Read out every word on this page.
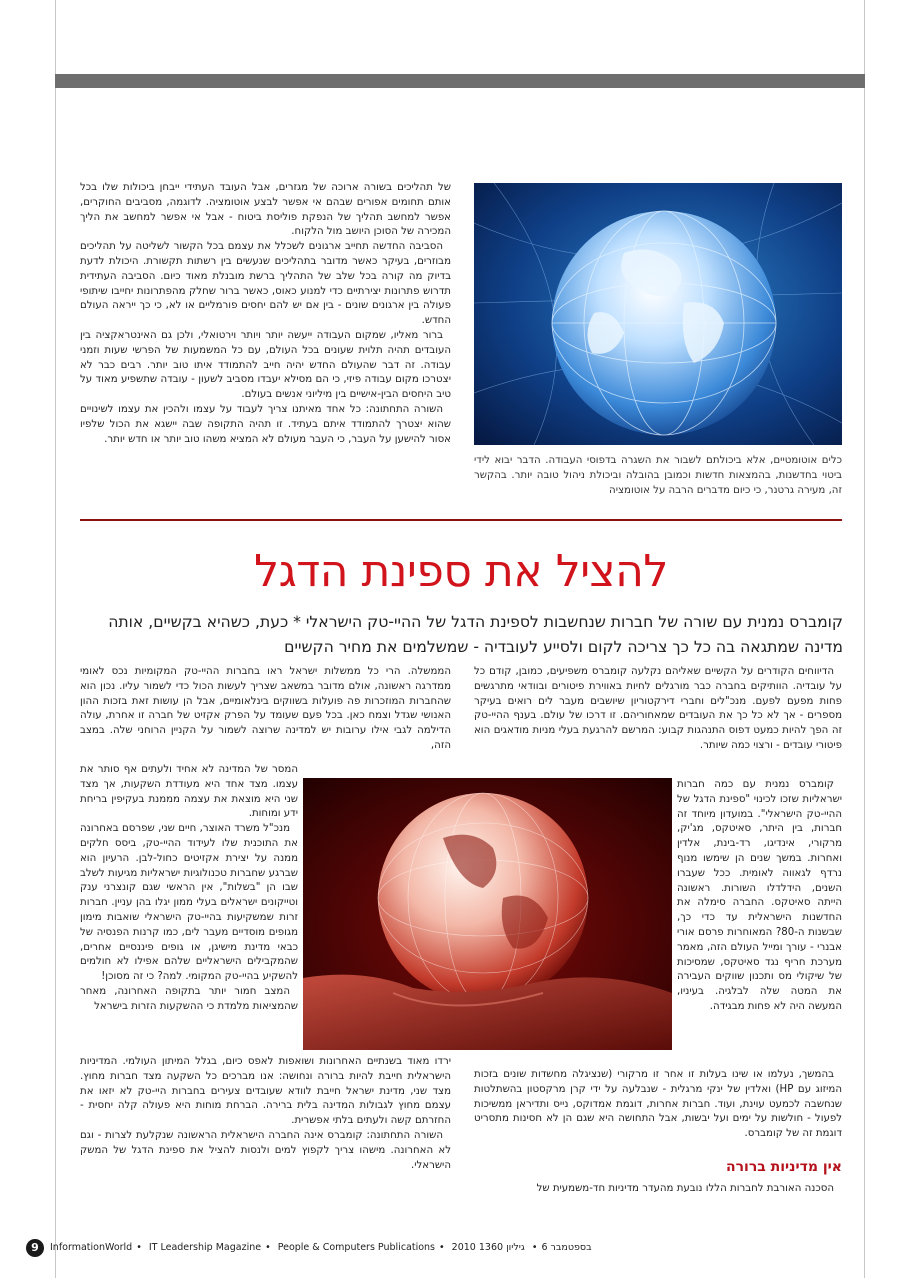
כלים אוטומטיים, אלא ביכולתם לשבור את השגרה בדפוסי העבודה. הדבר יבוא לידי ביטוי בחדשנות, בהמצאות חדשות וכמובן בהובלה וביכולת ניהול טובה יותר. בהקשר זה, מעירה גרטנר, כי כיום מדברים הרבה על אוטומציה

של תהליכים בשורה ארוכה של מגזרים, אבל העובד העתידי ייבחן ביכולות שלו בכל אותם תחומים אפורים שבהם אי אפשר לבצע אוטומציה. לדוגמה, מסביבים החוקרים, אפשר למחשב תהליך של הנפקת פוליסת ביטוח - אבל אי אפשר למחשב את הליך המכירה של הסוכן היושב מול הלקוח.

הסביבה החדשה תחייב ארגונים לשכלל את עצמם בכל הקשור לשליטה על תהליכים מבוזרים, בעיקר כאשר מדובר בתהליכים שנעשים בין רשתות תקשורת. היכולת לדעת בדיוק מה קורה בכל שלב של התהליך ברשת מובנלת מאוד כיום. הסביבה העתידית תדרוש פתרונות יצירתיים כדי למנוע כאוס, כאשר ברור שחלק מהפתרונות יחייבו שיתופי פעולה בין ארגונים שונים - בין אם יש להם יחסים פורמליים או לא, כי כך ייראה העולם החדש.

ברור מאליו, שמקום העבודה ייעשה יותר ויותר וירטואלי, ולכן גם האינטראקציה בין העובדים תהיה תלוית שעונים בכל העולם, עם כל המשמעות של הפרשי שעות וזמני עבודה. זה דבר שהעולם החדש יהיה חייב להתמודד איתו טוב יותר. רבים כבר לא יצטרכו מקום עבודה פיזי, כי הם מסילא יעבדו מסביב לשעון - עובדה שתשפיע מאוד על טיב היחסים הבין-אישיים בין מיליוני אנשים בעולם.

השורה התחתונה: כל אחד מאיתנו צריך לעבוד על עצמו ולהכין את עצמו לשינויים שהוא יצטרך להתמודד איתם בעתיד. זו תהיה התקופה שבה יישגא את הכול שלפיו אסור להישען על העבר, כי העבר מעולם לא המציא משהו טוב יותר או חדש יותר.

להציל את ספינת הדגל
קומברס נמנית עם שורה של חברות שנחשבות לספינת הדגל של ההיי-טק הישראלי * כעת, כשהיא בקשיים, אותה מדינה שמתגאה בה כל כך צריכה לקום ולסייע לעובדיה - שמשלמים את מחיר הקשיים

הדיווחים הקודרים על הקשיים שאליהם נקלעה קומברס משפיעים, כמובן, קודם כל על עובדיה. הוותיקים בחברה כבר מורגלים לחיות באווירת פיטורים ובוודאי מתרגשים פחות מפעם לפעם. מנכ"לים וחברי דירקטוריון שיושבים מעבר לים רואים בעיקר מספרים - אך לא כל כך את העובדים שמאחוריהם. זו דרכו של עולם. בענף ההיי-טק זה הפך להיות כמעט דפוס התנהגות קבוע: המרשם להרגעת בעלי מניות מודאגים הוא פיטורי עובדים - ורצוי כמה שיותר.

הממשלה. הרי כל ממשלות ישראל ראו בחברות ההיי-טק המקומיות נכס לאומי ממדרגה ראשונה, אולם מדובר במשאב שצריך לעשות הכול כדי לשמור עליו. נכון הוא שהחברות המוזכרות פה פועלות בשווקים בינלאומיים, אבל הן עושות זאת בזכות ההון האנושי שגדל וצמח כאן. בכל פעם שעומד על הפרק אקזיט של חברה זו אחרת, עולה הדילמה לגבי אילו ערובות יש למדינה שרוצה לשמור על הקניין הרוחני שלה. במצב הזה,

קומברס נמנית עם כמה חברות ישראליות שזכו לכינוי "ספינת הדגל של ההיי-טק הישראלי". במועדון מיוחד זה חברות, בין היתר, סאיטקס, מג'יק, מרקורי, אינדיגו, רד-בינת, אלדין ואחרות. במשך שנים הן שימשו מנוף נרדף לגאווה לאומית. ככל שעברו השנים, הידלדלו השורות. ראשונה הייתה סאיטקס. החברה סימלה את החדשנות הישראלית עד כדי כך, שבשנות ה-80? המאוחרות פרסם אורי אבנרי - עורך ומייל העולם הזה, מאמר מערכת חריף נגד סאיטקס, שמסיכות של שיקולי מס ותכנון שווקים העבירה את המטה שלה לבלגיה. בעיניו, המעשה היה לא פחות מבגידה.

המסר של המדינה לא אחיד ולעתים אף סותר את עצמו. מצד אחד היא מעודדת השקעות, אך מצד שני היא מוצאת את עצמה מממנת בעקיפין בריחת ידע ומוחות.

מנכ"ל משרד האוצר, חיים שני, שפרסם באחרונה את התוכנית שלו לעידוד ההיי-טק, ביסס חלקים ממנה על יצירת אקזיטים כחול-לבן. הרעיון הוא שברגע שחברות טכנולוגיות ישראליות מגיעות לשלב שבו הן "בשלות", אין הראשי שגם קונצרני ענק וטייקונים ישראלים בעלי ממון יגלו בהן עניין. חברות זרות שמשקיעות בהיי-טק הישראלי שואבות מימון מגופים מוסדיים מעבר לים, כמו קרנות הפנסיה של כבאי מדינת מישיגן, או גופים פיננסיים אחרים, שהמקבילים הישראליים שלהם אפילו לא חולמים להשקיע בהיי-טק המקומי. למה? כי זה מסוכן!

המצב חמור יותר בתקופה האחרונה, מאחר שהמציאות מלמדת כי ההשקעות הזרות בישראל

בהמשך, נעלמו או שינו בעלות זו אחר זו מרקורי (שנציגלה מחשדות שונים בזכות המיזוג עם HP) ואלדין של ינקי מרגלית - שנבלעה על ידי קרן מרקסטון בהשתלטות שנחשבה לכמעט עוינת, ועוד. חברות אחרות, דוגמת אמדוקס, נייס ותדיראן ממשיכות לפעול - חולשות על ימים ועל יבשות, אבל התחושה היא שגם הן לא חסינות מתסריט דוגמת זה של קומברס.

אין מדיניות ברורה

הסכנה האורבת לחברות הללו נובעת מהעדר מדיניות חד-משמעית של

ירדו מאוד בשנתיים האחרונות ושואפות לאפס כיום, בגלל המיתון העולמי. המדיניות הישראלית חייבת להיות ברורה ונחושה: אנו מברכים כל השקעה מצד חברות מחוץ. מצד שני, מדינת ישראל חייבת לוודא שעובדים צעירים בחברות היי-טק לא יזאו את עצמם מחוץ לגבולות המדינה בלית ברירה. הברחת מוחות היא פעולה קלה יחסית - החזרתם קשה ולעתים בלתי אפשרית.

השורה התחתונה: קומברס אינה החברה הישראלית הראשונה שנקלעת לצרות - וגם לא האחרונה. מישהו צריך לקפוץ למים ולנסות להציל את ספינת הדגל של המשק הישראלי.

9	InformationWorld • IT Leadership Magazine • People & Computers Publications • 2010 בספטמבר 6• גיליון 1360
